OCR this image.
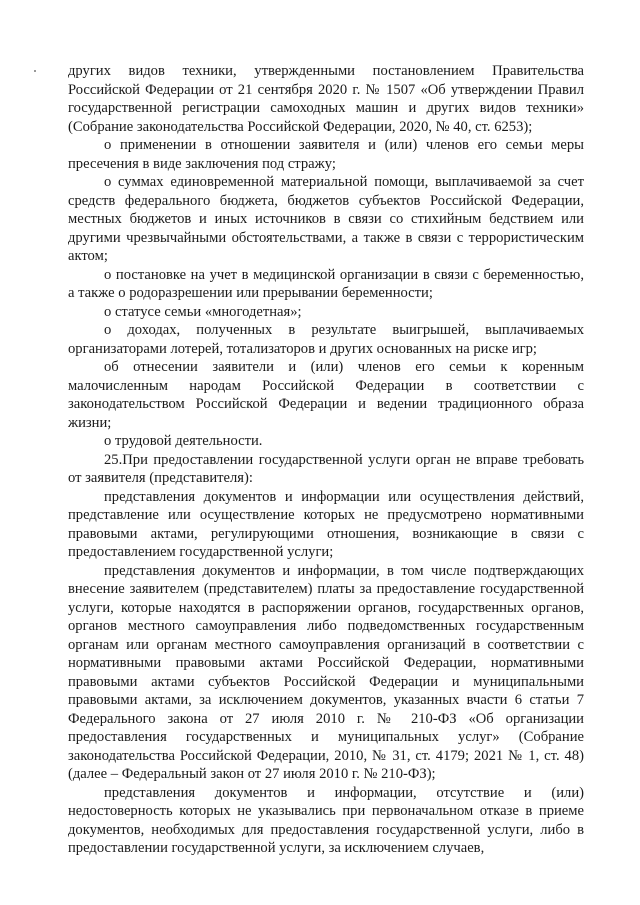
других видов техники, утвержденными постановлением Правительства Российской Федерации от 21 сентября 2020 г. № 1507 «Об утверждении Правил государственной регистрации самоходных машин и других видов техники» (Собрание законодательства Российской Федерации, 2020, № 40, ст. 6253);

о применении в отношении заявителя и (или) членов его семьи меры пресечения в виде заключения под стражу;

о суммах единовременной материальной помощи, выплачиваемой за счет средств федерального бюджета, бюджетов субъектов Российской Федерации, местных бюджетов и иных источников в связи со стихийным бедствием или другими чрезвычайными обстоятельствами, а также в связи с террористическим актом;

о постановке на учет в медицинской организации в связи с беременностью, а также о родоразрешении или прерывании беременности;

о статусе семьи «многодетная»;

о доходах, полученных в результате выигрышей, выплачиваемых организаторами лотерей, тотализаторов и других основанных на риске игр;

об отнесении заявители и (или) членов его семьи к коренным малочисленным народам Российской Федерации в соответствии с законодательством Российской Федерации и ведении традиционного образа жизни;

о трудовой деятельности.

25.При предоставлении государственной услуги орган не вправе требовать от заявителя (представителя):

представления документов и информации или осуществления действий, представление или осуществление которых не предусмотрено нормативными правовыми актами, регулирующими отношения, возникающие в связи с предоставлением государственной услуги;

представления документов и информации, в том числе подтверждающих внесение заявителем (представителем) платы за предоставление государственной услуги, которые находятся в распоряжении органов, государственных органов, органов местного самоуправления либо подведомственных государственным органам или органам местного самоуправления организаций в соответствии с нормативными правовыми актами Российской Федерации, нормативными правовыми актами субъектов Российской Федерации и муниципальными правовыми актами, за исключением документов, указанных вчасти 6 статьи 7 Федерального закона от 27 июля 2010 г. № 210-ФЗ «Об организации предоставления государственных и муниципальных услуг» (Собрание законодательства Российской Федерации, 2010, № 31, ст. 4179; 2021 № 1, ст. 48) (далее – Федеральный закон от 27 июля 2010 г. № 210-ФЗ);

представления документов и информации, отсутствие и (или) недостоверность которых не указывались при первоначальном отказе в приеме документов, необходимых для предоставления государственной услуги, либо в предоставлении государственной услуги, за исключением случаев,
